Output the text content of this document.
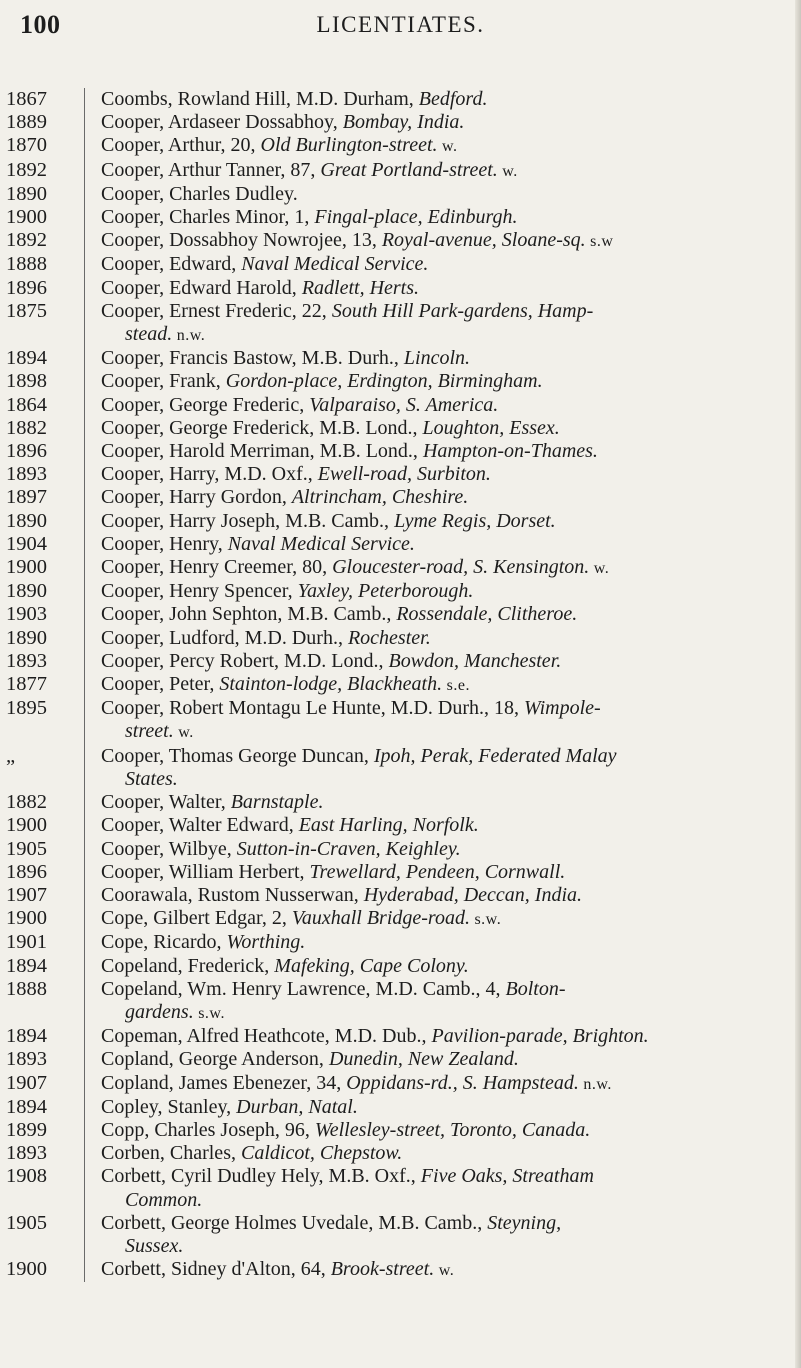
100	LICENTIATES.
1867	Coombs, Rowland Hill, M.D. Durham, Bedford.
1889	Cooper, Ardaseer Dossabhoy, Bombay, India.
1870	Cooper, Arthur, 20, Old Burlington-street. w.
1892	Cooper, Arthur Tanner, 87, Great Portland-street. w.
1890	Cooper, Charles Dudley.
1900	Cooper, Charles Minor, 1, Fingal-place, Edinburgh.
1892	Cooper, Dossabhoy Nowrojee, 13, Royal-avenue, Sloane-sq. s.w
1888	Cooper, Edward, Naval Medical Service.
1896	Cooper, Edward Harold, Radlett, Herts.
1875	Cooper, Ernest Frederic, 22, South Hill Park-gardens, Hamp-
stead. n.w.
1894	Cooper, Francis Bastow, M.B. Durh., Lincoln.
1898	Cooper, Frank, Gordon-place, Erdington, Birmingham.
1864	Cooper, George Frederic, Valparaiso, S. America.
1882	Cooper, George Frederick, M.B. Lond., Loughton, Essex.
1896	Cooper, Harold Merriman, M.B. Lond., Hampton-on-Thames.
1893	Cooper, Harry, M.D. Oxf., Ewell-road, Surbiton.
1897	Cooper, Harry Gordon, Altrincham, Cheshire.
1890	Cooper, Harry Joseph, M.B. Camb., Lyme Regis, Dorset.
1904	Cooper, Henry, Naval Medical Service.
1900	Cooper, Henry Creemer, 80, Gloucester-road, S. Kensington. w.
1890	Cooper, Henry Spencer, Yaxley, Peterborough.
1903	Cooper, John Sephton, M.B. Camb., Rossendale, Clitheroe.
1890	Cooper, Ludford, M.D. Durh., Rochester.
1893	Cooper, Percy Robert, M.D. Lond., Bowdon, Manchester.
1877	Cooper, Peter, Stainton-lodge, Blackheath. s.e.
1895	Cooper, Robert Montagu Le Hunte, M.D. Durh., 18, Wimpole-
street. w.
„	Cooper, Thomas George Duncan, Ipoh, Perak, Federated Malay
States.
1882	Cooper, Walter, Barnstaple.
1900	Cooper, Walter Edward, East Harling, Norfolk.
1905	Cooper, Wilbye, Sutton-in-Craven, Keighley.
1896	Cooper, William Herbert, Trewellard, Pendeen, Cornwall.
1907	Coorawala, Rustom Nusserwan, Hyderabad, Deccan, India.
1900	Cope, Gilbert Edgar, 2, Vauxhall Bridge-road. s.w.
1901	Cope, Ricardo, Worthing.
1894	Copeland, Frederick, Mafeking, Cape Colony.
1888	Copeland, Wm. Henry Lawrence, M.D. Camb., 4, Bolton-
gardens. s.w.
1894	Copeman, Alfred Heathcote, M.D. Dub., Pavilion-parade, Brighton.
1893	Copland, George Anderson, Dunedin, New Zealand.
1907	Copland, James Ebenezer, 34, Oppidans-rd., S. Hampstead. n.w.
1894	Copley, Stanley, Durban, Natal.
1899	Copp, Charles Joseph, 96, Wellesley-street, Toronto, Canada.
1893	Corben, Charles, Caldicot, Chepstow.
1908	Corbett, Cyril Dudley Hely, M.B. Oxf., Five Oaks, Streatham
Common.
1905	Corbett, George Holmes Uvedale, M.B. Camb., Steyning,
Sussex.
1900	Corbett, Sidney d'Alton, 64, Brook-street. w.
